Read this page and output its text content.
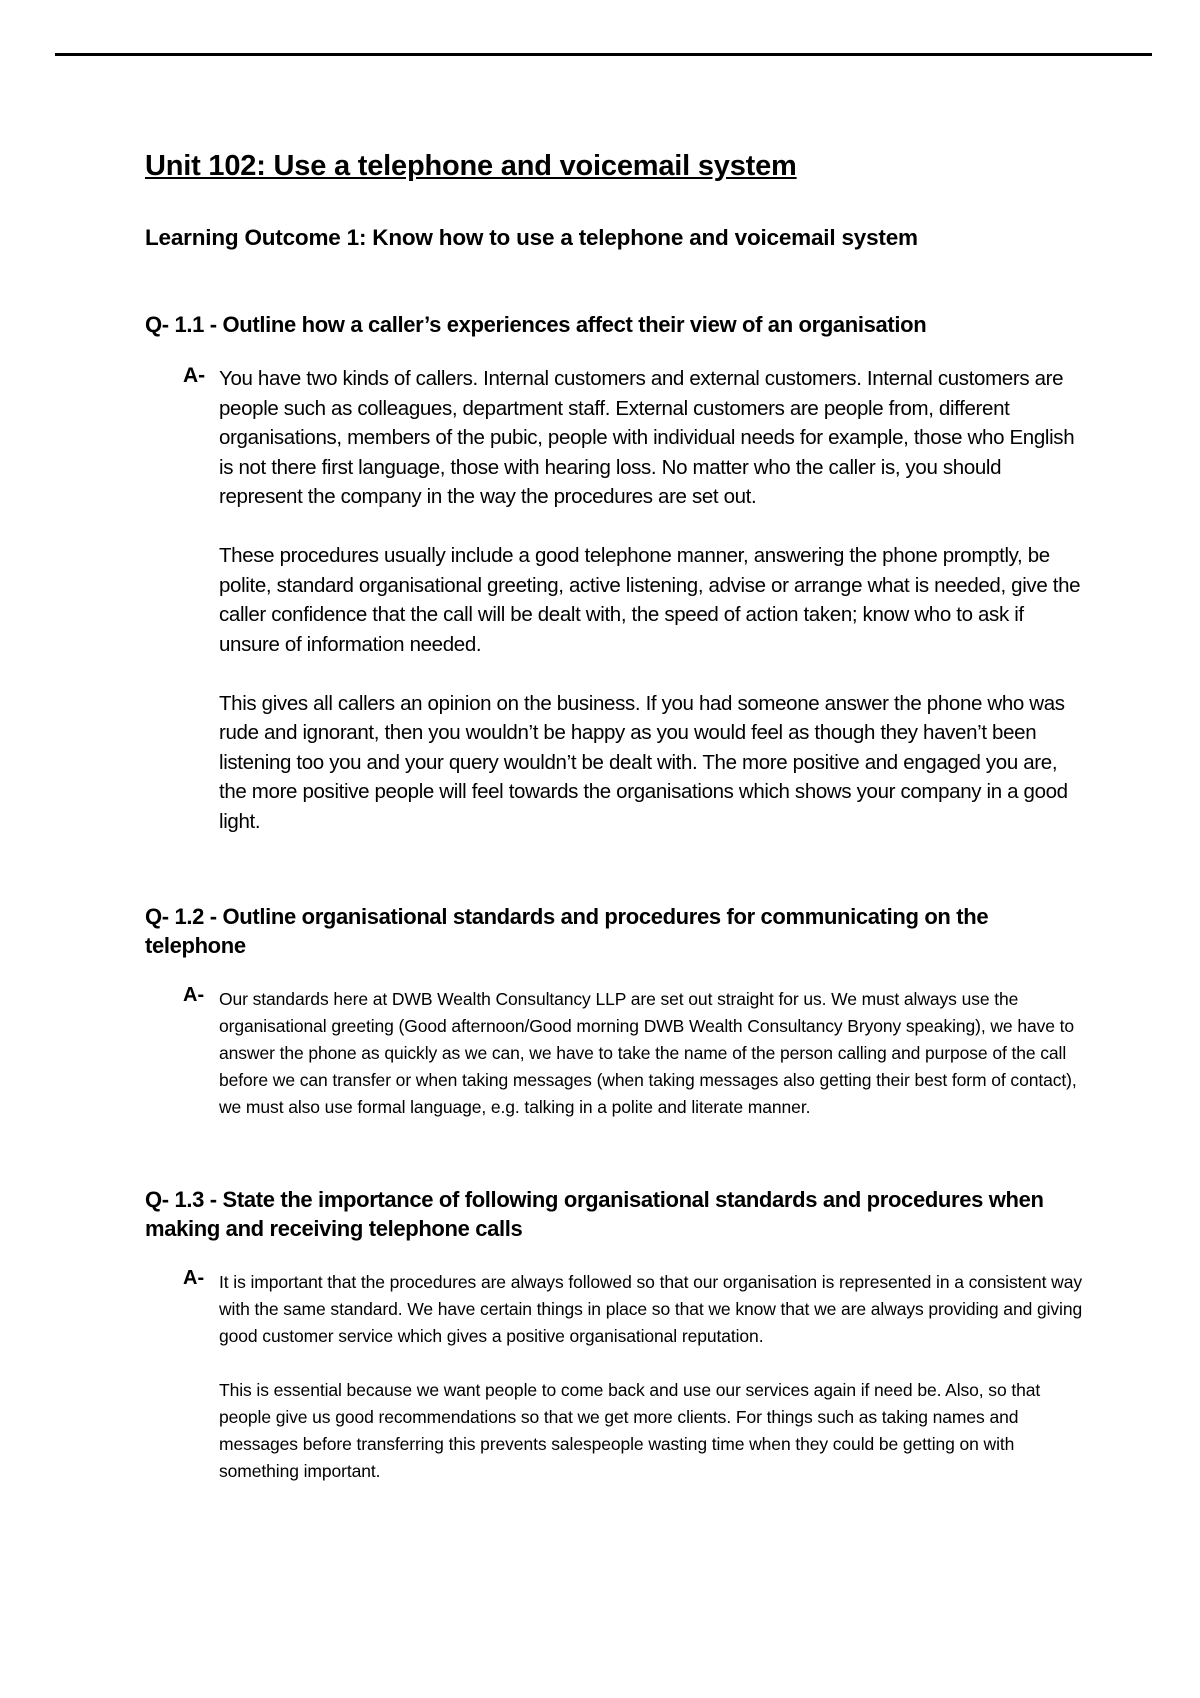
Unit 102: Use a telephone and voicemail system
Learning Outcome 1: Know how to use a telephone and voicemail system
Q- 1.1 - Outline how a caller’s experiences affect their view of an organisation
A- You have two kinds of callers. Internal customers and external customers. Internal customers are people such as colleagues, department staff. External customers are people from, different organisations, members of the pubic, people with individual needs for example, those who English is not there first language, those with hearing loss. No matter who the caller is, you should represent the company in the way the procedures are set out.

These procedures usually include a good telephone manner, answering the phone promptly, be polite, standard organisational greeting, active listening, advise or arrange what is needed, give the caller confidence that the call will be dealt with, the speed of action taken; know who to ask if unsure of information needed.

This gives all callers an opinion on the business. If you had someone answer the phone who was rude and ignorant, then you wouldn’t be happy as you would feel as though they haven’t been listening too you and your query wouldn’t be dealt with. The more positive and engaged you are, the more positive people will feel towards the organisations which shows your company in a good light.

Q- 1.2 - Outline organisational standards and procedures for communicating on the telephone
A- Our standards here at DWB Wealth Consultancy LLP are set out straight for us. We must always use the organisational greeting (Good afternoon/Good morning DWB Wealth Consultancy Bryony speaking), we have to answer the phone as quickly as we can, we have to take the name of the person calling and purpose of the call before we can transfer or when taking messages (when taking messages also getting their best form of contact), we must also use formal language, e.g. talking in a polite and literate manner.

Q- 1.3 - State the importance of following organisational standards and procedures when making and receiving telephone calls
A- It is important that the procedures are always followed so that our organisation is represented in a consistent way with the same standard. We have certain things in place so that we know that we are always providing and giving good customer service which gives a positive organisational reputation.

This is essential because we want people to come back and use our services again if need be. Also, so that people give us good recommendations so that we get more clients. For things such as taking names and messages before transferring this prevents salespeople wasting time when they could be getting on with something important.
